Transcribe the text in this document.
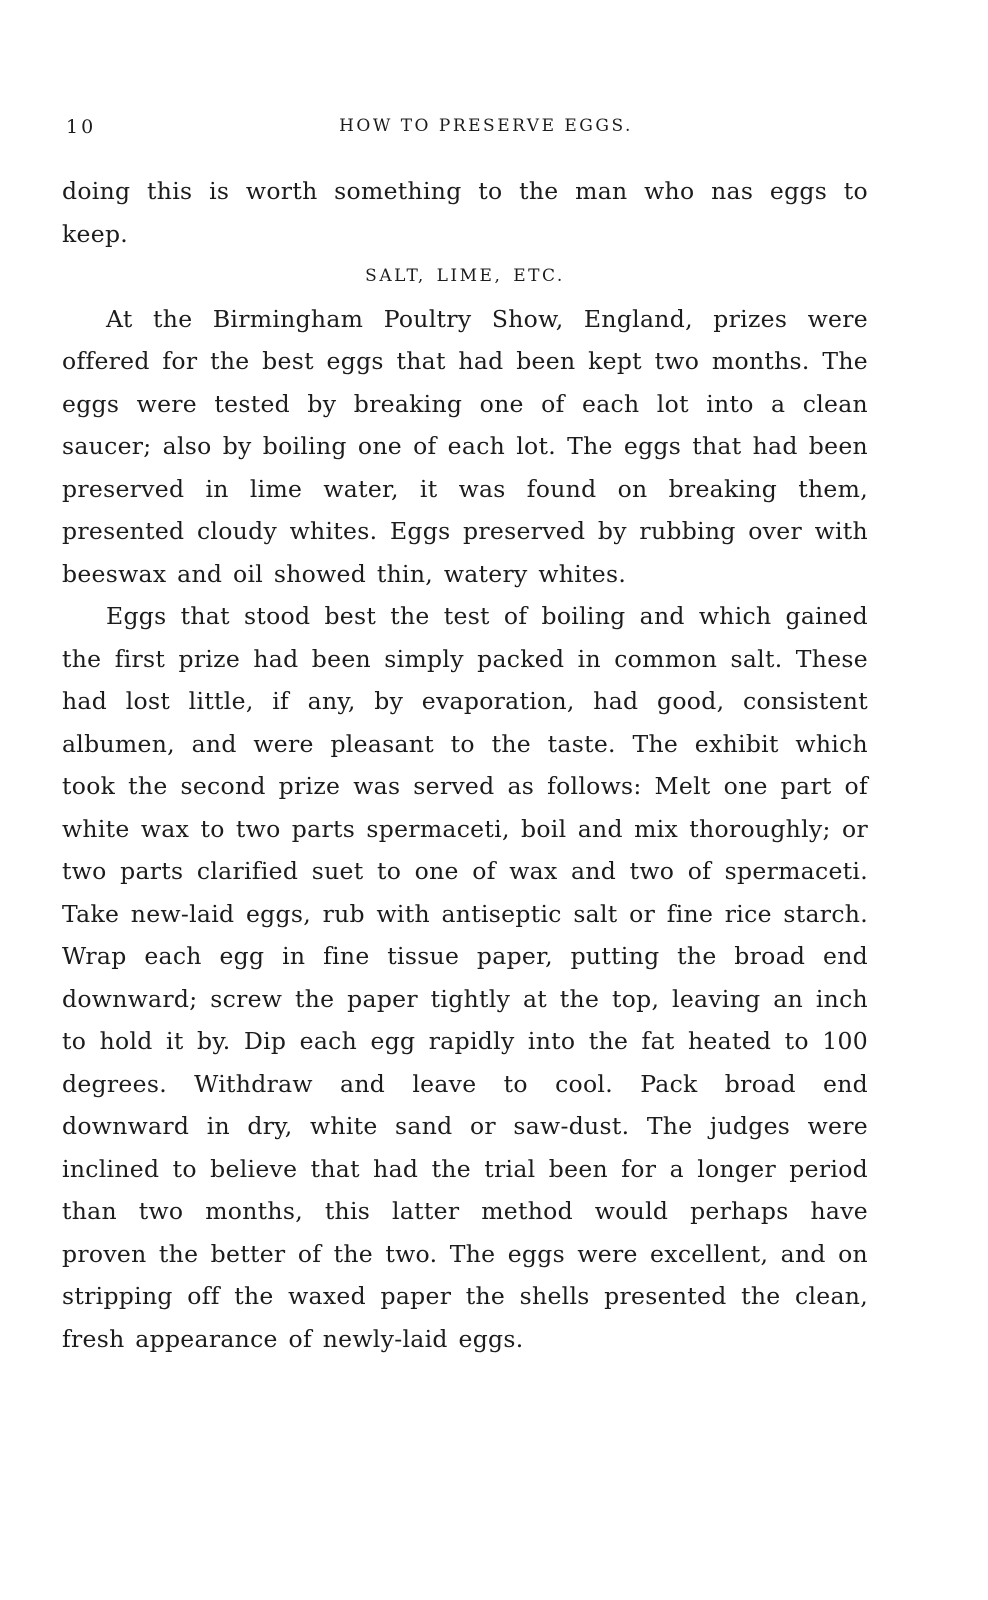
10	HOW TO PRESERVE EGGS.

doing this is worth something to the man who nas eggs to keep.

SALT, LIME, ETC.

At the Birmingham Poultry Show, England, prizes were offered for the best eggs that had been kept two months. The eggs were tested by breaking one of each lot into a clean saucer; also by boiling one of each lot. The eggs that had been preserved in lime water, it was found on breaking them, presented cloudy whites. Eggs preserved by rubbing over with beeswax and oil showed thin, watery whites.

Eggs that stood best the test of boiling and which gained the first prize had been simply packed in common salt. These had lost little, if any, by evaporation, had good, consistent albumen, and were pleasant to the taste. The exhibit which took the second prize was served as follows: Melt one part of white wax to two parts spermaceti, boil and mix thoroughly; or two parts clarified suet to one of wax and two of spermaceti. Take new-laid eggs, rub with antiseptic salt or fine rice starch. Wrap each egg in fine tissue paper, putting the broad end downward; screw the paper tightly at the top, leaving an inch to hold it by. Dip each egg rapidly into the fat heated to 100 degrees. Withdraw and leave to cool. Pack broad end downward in dry, white sand or saw-dust. The judges were inclined to believe that had the trial been for a longer period than two months, this latter method would perhaps have proven the better of the two. The eggs were excellent, and on stripping off the waxed paper the shells presented the clean, fresh appearance of newly-laid eggs.
